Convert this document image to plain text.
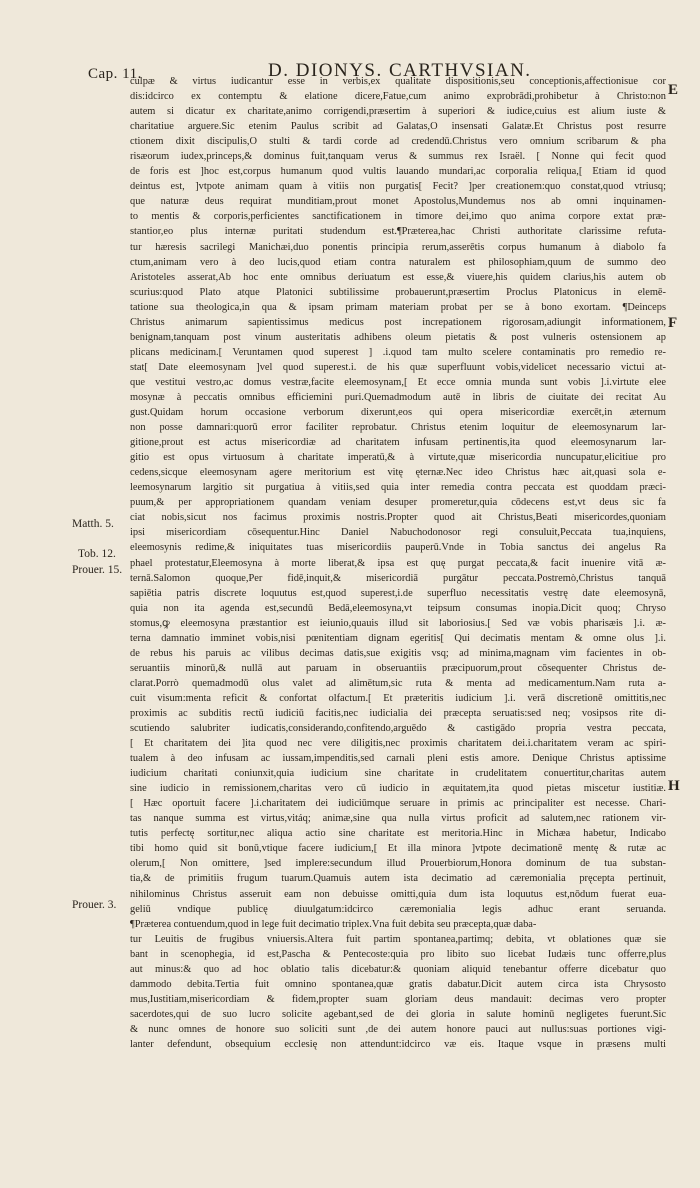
Cap. 11.	D. DIONYS. CARTHVSIAN.
E
F
H
Matth. 5.
Tob. 12.
Prouer. 15.
Prouer. 3.
culpæ & virtus iudicantur esse in verbis,ex qualitate dispositionis,seu conceptionis,affectionisue cor
dis:idcirco ex contemptu & elatione dicere,Fatue,cum animo exprobrādi,prohibetur à Christo:non
autem si dicatur ex charitate,animo corrigendi,præsertim à superiori & iudice,cuius est alium iuste &
charitatiue arguere.Sic etenim Paulus scribit ad Galatas,O insensati Galatæ.Et Christus post resurre
ctionem dixit discipulis,O stulti & tardi corde ad credendū.Christus vero omnium scribarum & pha
risæorum iudex,princeps,& dominus fuit,tanquam verus & summus rex Israël. [ Nonne qui fecit quod
de foris est ]hoc est,corpus humanum quod vultis lauando mundari,ac corporalia reliqua,[ Etiam id quod
deintus est, ]vtpote animam quam à vitiis non purgatis[ Fecit? ]per creationem:quo constat,quod vtriusq;
que naturæ deus requirat munditiam,prout monet Apostolus,Mundemus nos ab omni inquinamen-
to mentis & corporis,perficientes sanctificationem in timore dei,imo quo anima corpore extat præ-
stantior,eo plus internæ puritati studendum est.¶Præterea,hac Christi authoritate clarissime refuta-
tur hæresis sacrilegi Manichæi,duo ponentis principia rerum,asserētis corpus humanum à diabolo fa
ctum,animam vero à deo lucis,quod etiam contra naturalem est philosophiam,quum de summo deo
Aristoteles asserat,Ab hoc ente omnibus deriuatum est esse,& viuere,his quidem clarius,his autem ob
scurius:quod Plato atque Platonici subtilissime probauerunt,præsertim Proclus Platonicus in elemē-
tatione sua theologica,in qua & ipsam primam materiam probat per se à bono exortam. ¶Deinceps
Christus animarum sapientissimus medicus post increpationem rigorosam,adiungit informationem,
benignam,tanquam post vinum austeritatis adhibens oleum pietatis & post vulneris ostensionem ap
plicans medicinam.[ Veruntamen quod superest ] .i.quod tam multo scelere contaminatis pro remedio re-
stat[ Date eleemosynam ]vel quod superest.i. de his quæ superfluunt vobis,videlicet necessario victui at-
que vestitui vestro,ac domus vestræ,facite eleemosynam,[ Et ecce omnia munda sunt vobis ].i.virtute elee
mosynæ à peccatis omnibus efficiemini puri.Quemadmodum autē in libris de ciuitate dei recitat Au
gust.Quidam horum occasione verborum dixerunt,eos qui opera misericordiæ exercēt,in æternum
non posse damnari:quorū error faciliter reprobatur. Christus etenim loquitur de eleemosynarum lar-
gitione,prout est actus misericordiæ ad charitatem infusam pertinentis,ita quod eleemosynarum lar-
gitio est opus virtuosum à charitate imperatū,& à virtute,quæ misericordia nuncupatur,elicitiue pro
cedens,sicque eleemosynam agere meritorium est vitę ęternæ.Nec ideo Christus hæc ait,quasi sola e-
leemosynarum largitio sit purgatiua à vitiis,sed quia inter remedia contra peccata est quoddam præci-
puum,& per appropriationem quandam veniam desuper promeretur,quia cōdecens est,vt deus sic fa
ciat nobis,sicut nos facimus proximis nostris.Propter quod ait Christus,Beati misericordes,quoniam
ipsi misericordiam cōsequentur.Hinc Daniel Nabuchodonosor regi consuluit,Peccata tua,inquiens,
eleemosynis redime,& iniquitates tuas misericordiis pauperū.Vnde in Tobia sanctus dei angelus Ra
phael protestatur,Eleemosyna à morte liberat,& ipsa est quę purgat peccata,& facit inuenire vitā æ-
ternā.Salomon quoque,Per fidē,inquit,& misericordiā purgātur peccata.Postremò,Christus tanquā
sapiētia patris discrete loquutus est,quod superest,i.de superfluo necessitatis vestrę date eleemosynā,
quia non ita agenda est,secundū Bedā,eleemosyna,vt teipsum consumas inopia.Dicit quoq; Chryso
stomus,ꝙ eleemosyna præstantior est ieiunio,quauis illud sit laboriosius.[ Sed væ vobis pharisæis ].i. æ-
terna damnatio imminet vobis,nisi pœnitentiam dignam egeritis[ Qui decimatis mentam & omne olus ].i.
de rebus his paruis ac vilibus decimas datis,sue exigitis vsq; ad minima,magnam vim facientes in ob-
seruantiis minorū,& nullā aut paruam in obseruantiis præcipuorum,prout cōsequenter Christus de-
clarat.Porrò quemadmodū olus valet ad alimētum,sic ruta & menta ad medicamentum.Nam ruta a-
cuit visum:menta reficit & confortat olfactum.[ Et præteritis iudicium ].i. verā discretionē omittitis,nec
proximis ac subditis rectū iudiciū facitis,nec iudicialia dei præcepta seruatis:sed neq; vosipsos rite di-
scutiendo salubriter iudicatis,considerando,confitendo,arguēdo & castigādo propria vestra peccata,
[ Et charitatem dei ]ita quod nec vere diligitis,nec proximis charitatem dei.i.charitatem veram ac spiri-
tualem à deo infusam ac iussam,impenditis,sed carnali pleni estis amore. Denique Christus aptissime
iudicium charitati coniunxit,quia iudicium sine charitate in crudelitatem conuertitur,charitas autem
sine iudicio in remissionem,charitas vero cū iudicio in æquitatem,ita quod pietas miscetur iustitiæ.
[ Hæc oportuit facere ].i.charitatem dei iudiciūmque seruare in primis ac principaliter est necesse. Chari-
tas nanque summa est virtus,vitáq; animæ,sine qua nulla virtus proficit ad salutem,nec rationem vir-
tutis perfectę sortitur,nec aliqua actio sine charitate est meritoria.Hinc in Michæa habetur, Indicabo
tibi homo quid sit bonū,vtique facere iudicium,[ Et illa minora ]vtpote decimationē mentę & rutæ ac
olerum,[ Non omittere, ]sed implere:secundum illud Prouerbiorum,Honora dominum de tua substan-
tia,& de primitiis frugum tuarum.Quamuis autem ista decimatio ad cæremonialia pręcepta pertinuit,
nihilominus Christus asseruit eam non debuisse omitti,quia dum ista loquutus est,nōdum fuerat eua-
geliū vndique publicę diuulgatum:idcirco cæremonialia legis adhuc erant seruanda.
¶Præterea contuendum,quod in lege fuit decimatio triplex.Vna fuit debita seu præcepta,quæ daba-
tur Leuitis de frugibus vniuersis.Altera fuit partim spontanea,partimq; debita, vt oblationes quæ sie
bant in scenophegia, id est,Pascha & Pentecoste:quia pro libito suo licebat Iudæis tunc offerre,plus
aut minus:& quo ad hoc oblatio talis dicebatur:& quoniam aliquid tenebantur offerre dicebatur quo
dammodo debita.Tertia fuit omnino spontanea,quæ gratis dabatur.Dicit autem circa ista Chrysosto
mus,Iustitiam,misericordiam & fidem,propter suam gloriam deus mandauit: decimas vero propter
sacerdotes,qui de suo lucro solicite agebant,sed de dei gloria in salute hominū negligetes fuerunt.Sic
& nunc omnes de honore suo soliciti sunt ,de dei autem honore pauci aut nullus:suas portiones vigi-
lanter defendunt, obsequium ecclesię non attendunt:idcirco væ eis. Itaque vsque in præsens multi
